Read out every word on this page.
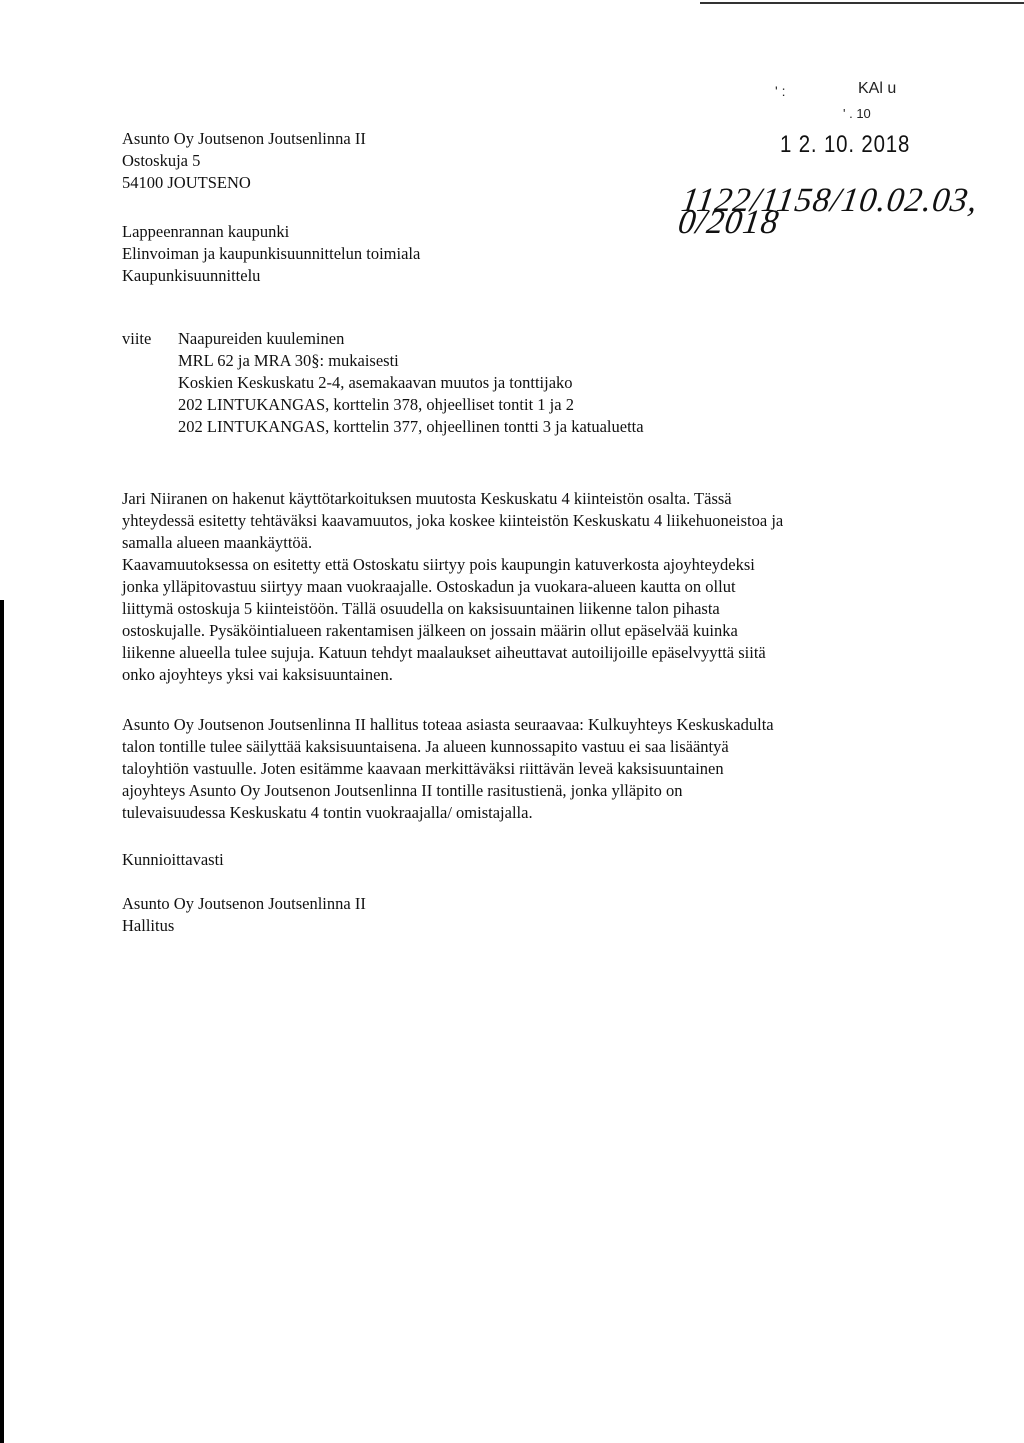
' :	KAl u
' . 10
1 2. 10. 2018
1122/1158/10.02.03, 0/2018
Asunto Oy Joutsenon Joutsenlinna II
Ostoskuja 5
54100 JOUTSENO
Lappeenrannan kaupunki
Elinvoiman ja kaupunkisuunnittelun toimiala
Kaupunkisuunnittelu
viite Naapureiden kuuleminen
MRL 62 ja MRA 30§: mukaisesti
Koskien Keskuskatu 2-4, asemakaavan muutos ja tonttijako
202 LINTUKANGAS, korttelin 378, ohjeelliset tontit 1 ja 2
202 LINTUKANGAS, korttelin 377, ohjeellinen tontti 3 ja katualuetta
Jari Niiranen on hakenut käyttötarkoituksen muutosta Keskuskatu 4 kiinteistön osalta. Tässä
yhteydessä esitetty tehtäväksi kaavamuutos, joka koskee kiinteistön Keskuskatu 4 liikehuoneistoa ja
samalla alueen maankäyttöä.
Kaavamuutoksessa on esitetty että Ostoskatu siirtyy pois kaupungin katuverkosta ajoyhteydeksi
jonka ylläpitovastuu siirtyy maan vuokraajalle. Ostoskadun ja vuokara-alueen kautta on ollut
liittymä ostoskuja 5 kiinteistöön. Tällä osuudella on kaksisuuntainen liikenne talon pihasta
ostoskujalle. Pysäköintialueen rakentamisen jälkeen on jossain määrin ollut epäselvää kuinka
liikenne alueella tulee sujuja. Katuun tehdyt maalaukset aiheuttavat autoilijoille epäselvyyttä siitä
onko ajoyhteys yksi vai kaksisuuntainen.
Asunto Oy Joutsenon Joutsenlinna II hallitus toteaa asiasta seuraavaa: Kulkuyhteys Keskuskadulta
talon tontille tulee säilyttää kaksisuuntaisena. Ja alueen kunnossapito vastuu ei saa lisääntyä
taloyhtiön vastuulle. Joten esitämme kaavaan merkittäväksi riittävän leveä kaksisuuntainen
ajoyhteys Asunto Oy Joutsenon Joutsenlinna II tontille rasitustienä, jonka ylläpito on
tulevaisuudessa Keskuskatu 4 tontin vuokraajalla/ omistajalla.
Kunnioittavasti
Asunto Oy Joutsenon Joutsenlinna II
Hallitus
